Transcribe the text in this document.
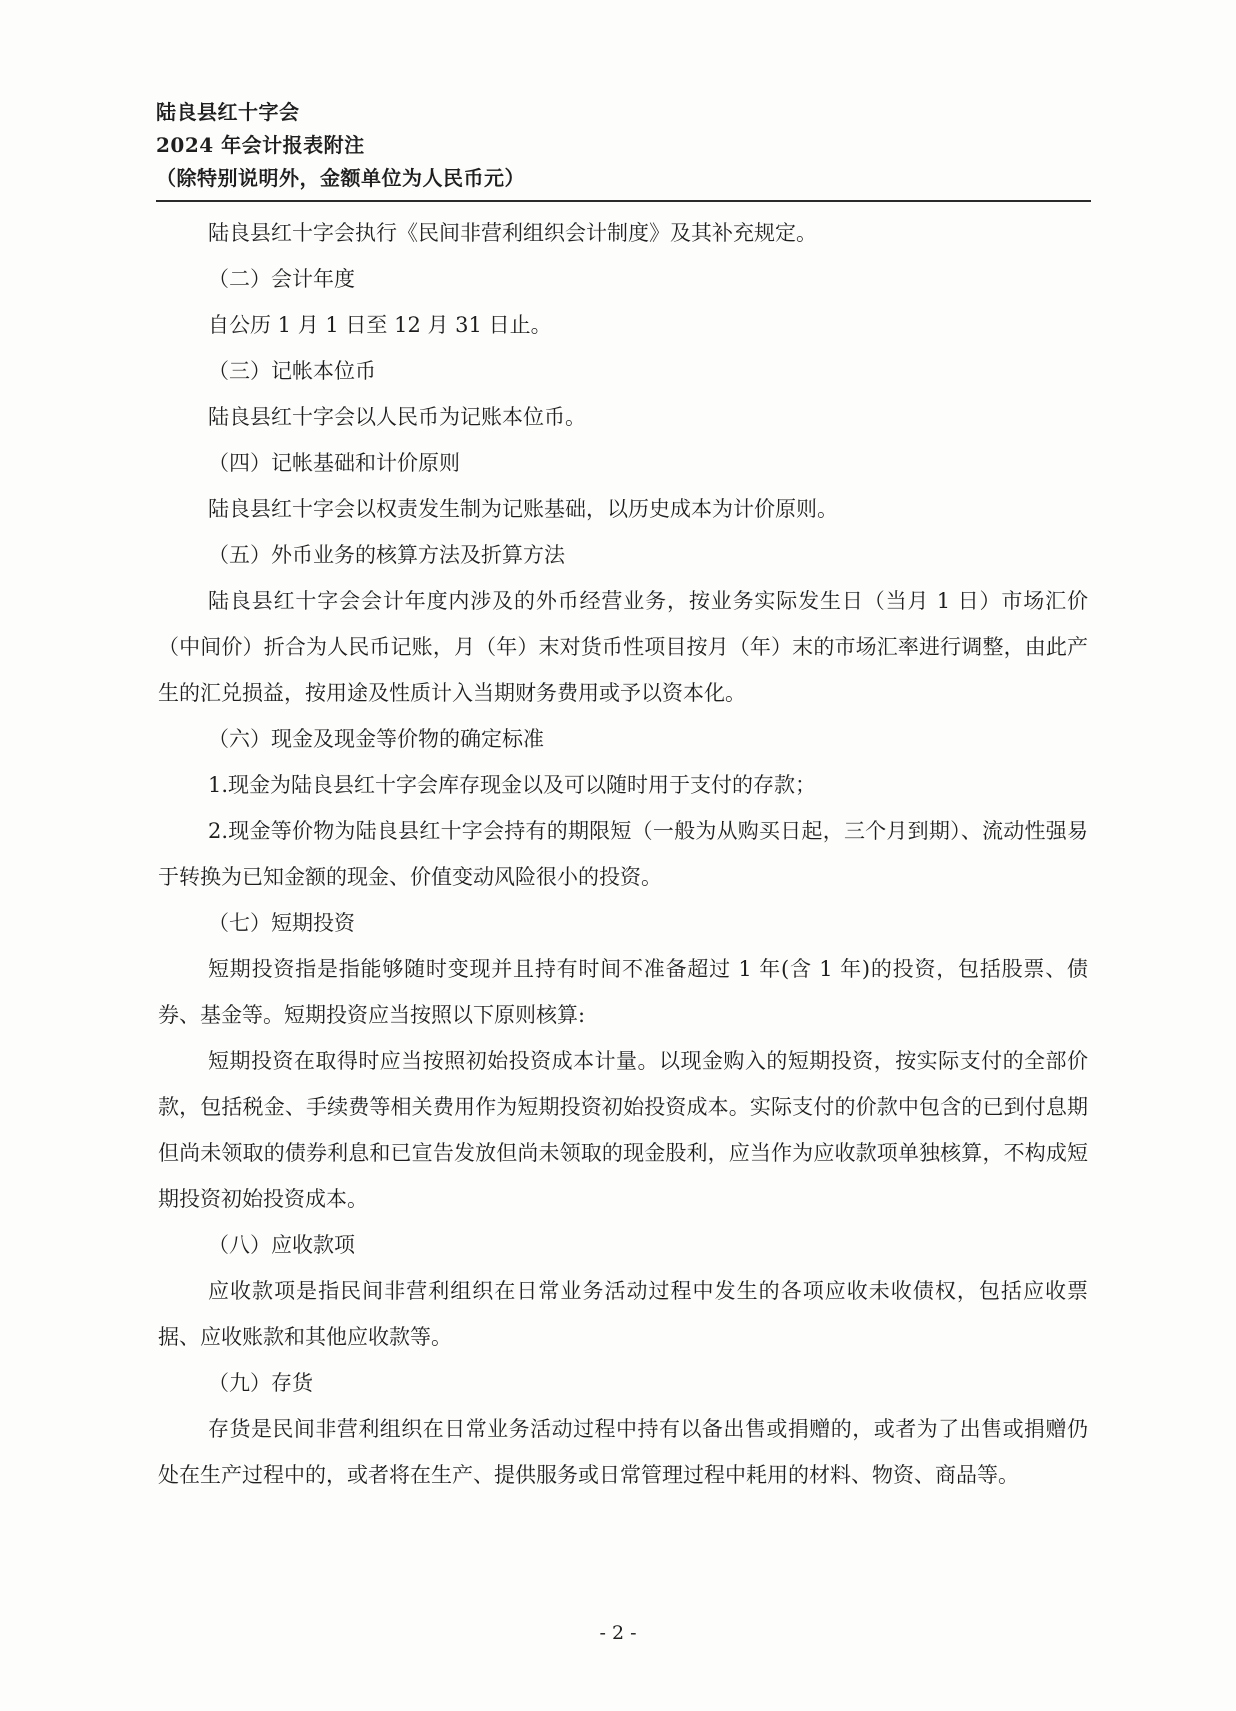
陆良县红十字会
2024 年会计报表附注
（除特别说明外，金额单位为人民币元）

陆良县红十字会执行《民间非营利组织会计制度》及其补充规定。

（二）会计年度

自公历 1 月 1 日至 12 月 31 日止。

（三）记帐本位币

陆良县红十字会以人民币为记账本位币。

（四）记帐基础和计价原则

陆良县红十字会以权责发生制为记账基础，以历史成本为计价原则。

（五）外币业务的核算方法及折算方法

陆良县红十字会会计年度内涉及的外币经营业务，按业务实际发生日（当月 1 日）市场汇价（中间价）折合为人民币记账，月（年）末对货币性项目按月（年）末的市场汇率进行调整，由此产生的汇兑损益，按用途及性质计入当期财务费用或予以资本化。

（六）现金及现金等价物的确定标准

1.现金为陆良县红十字会库存现金以及可以随时用于支付的存款；

2.现金等价物为陆良县红十字会持有的期限短（一般为从购买日起，三个月到期）、流动性强易于转换为已知金额的现金、价值变动风险很小的投资。

（七）短期投资

短期投资指是指能够随时变现并且持有时间不准备超过 1 年(含 1 年)的投资，包括股票、债券、基金等。短期投资应当按照以下原则核算:

短期投资在取得时应当按照初始投资成本计量。以现金购入的短期投资，按实际支付的全部价款，包括税金、手续费等相关费用作为短期投资初始投资成本。实际支付的价款中包含的已到付息期但尚未领取的债券利息和已宣告发放但尚未领取的现金股利，应当作为应收款项单独核算，不构成短期投资初始投资成本。

（八）应收款项

应收款项是指民间非营利组织在日常业务活动过程中发生的各项应收未收债权，包括应收票据、应收账款和其他应收款等。

（九）存货

存货是民间非营利组织在日常业务活动过程中持有以备出售或捐赠的，或者为了出售或捐赠仍处在生产过程中的，或者将在生产、提供服务或日常管理过程中耗用的材料、物资、商品等。

- 2 -
